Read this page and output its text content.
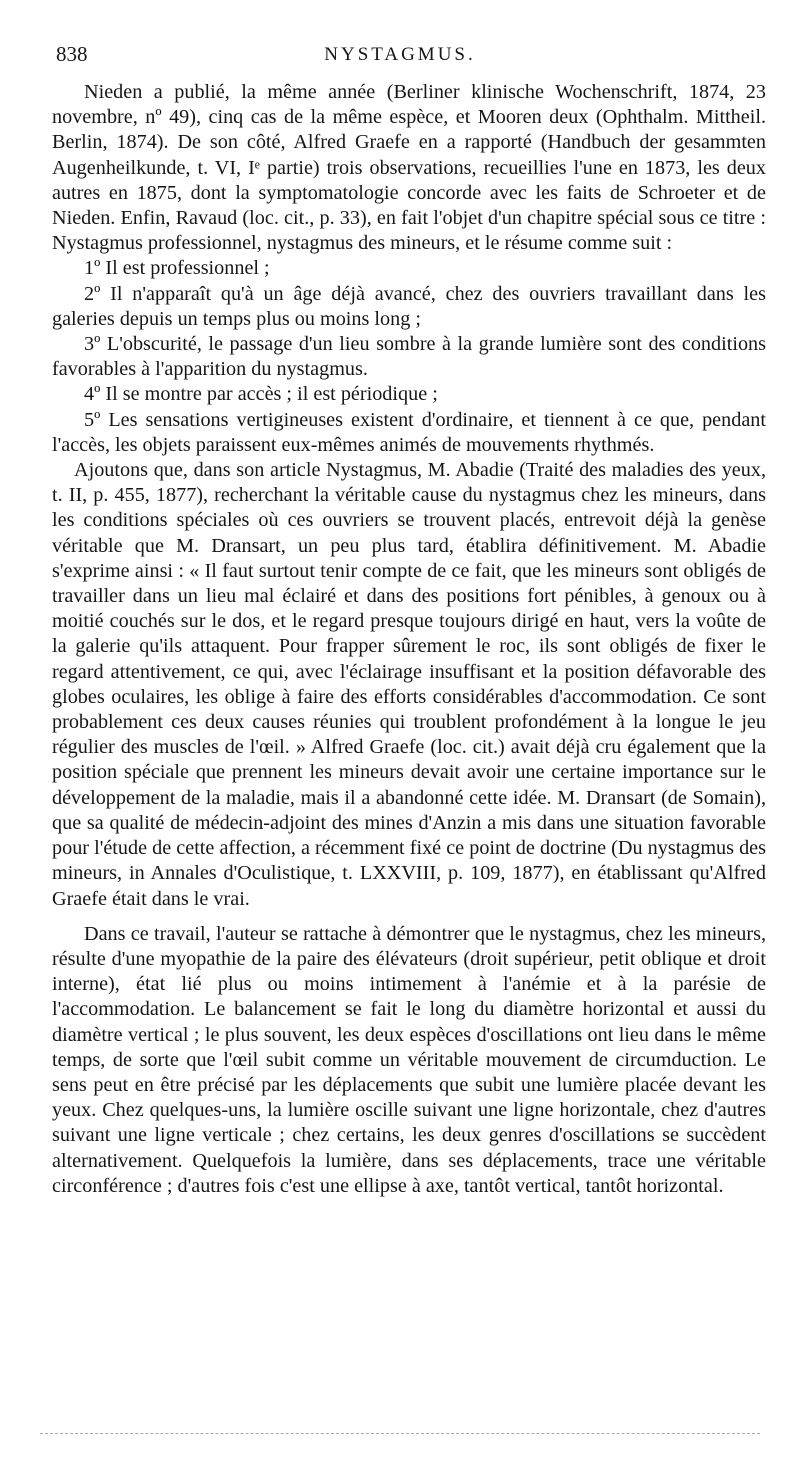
838	NYSTAGMUS.

Nieden a publié, la même année (Berliner klinische Wochenschrift, 1874, 23 novembre, nº 49), cinq cas de la même espèce, et Mooren deux (Ophthalm. Mittheil. Berlin, 1874). De son côté, Alfred Graefe en a rapporté (Handbuch der gesammten Augenheilkunde, t. VI, Iᵉ partie) trois observations, recueillies l'une en 1873, les deux autres en 1875, dont la symptomatologie concorde avec les faits de Schroeter et de Nieden. Enfin, Ravaud (loc. cit., p. 33), en fait l'objet d'un chapitre spécial sous ce titre : Nystagmus professionnel, nystagmus des mineurs, et le résume comme suit :

1º Il est professionnel ;

2º Il n'apparaît qu'à un âge déjà avancé, chez des ouvriers travaillant dans les galeries depuis un temps plus ou moins long ;

3º L'obscurité, le passage d'un lieu sombre à la grande lumière sont des conditions favorables à l'apparition du nystagmus.

4º Il se montre par accès ; il est périodique ;

5º Les sensations vertigineuses existent d'ordinaire, et tiennent à ce que, pendant l'accès, les objets paraissent eux-mêmes animés de mouvements rhythmés.

Ajoutons que, dans son article Nystagmus, M. Abadie (Traité des maladies des yeux, t. II, p. 455, 1877), recherchant la véritable cause du nystagmus chez les mineurs, dans les conditions spéciales où ces ouvriers se trouvent placés, entrevoit déjà la genèse véritable que M. Dransart, un peu plus tard, établira définitivement. M. Abadie s'exprime ainsi : « Il faut surtout tenir compte de ce fait, que les mineurs sont obligés de travailler dans un lieu mal éclairé et dans des positions fort pénibles, à genoux ou à moitié couchés sur le dos, et le regard presque toujours dirigé en haut, vers la voûte de la galerie qu'ils attaquent. Pour frapper sûrement le roc, ils sont obligés de fixer le regard attentivement, ce qui, avec l'éclairage insuffisant et la position défavorable des globes oculaires, les oblige à faire des efforts considérables d'accommodation. Ce sont probablement ces deux causes réunies qui troublent profondément à la longue le jeu régulier des muscles de l'œil. » Alfred Graefe (loc. cit.) avait déjà cru également que la position spéciale que prennent les mineurs devait avoir une certaine importance sur le développement de la maladie, mais il a abandonné cette idée. M. Dransart (de Somain), que sa qualité de médecin-adjoint des mines d'Anzin a mis dans une situation favorable pour l'étude de cette affection, a récemment fixé ce point de doctrine (Du nystagmus des mineurs, in Annales d'Oculistique, t. LXXVIII, p. 109, 1877), en établissant qu'Alfred Graefe était dans le vrai.

Dans ce travail, l'auteur se rattache à démontrer que le nystagmus, chez les mineurs, résulte d'une myopathie de la paire des élévateurs (droit supérieur, petit oblique et droit interne), état lié plus ou moins intimement à l'anémie et à la parésie de l'accommodation. Le balancement se fait le long du diamètre horizontal et aussi du diamètre vertical ; le plus souvent, les deux espèces d'oscillations ont lieu dans le même temps, de sorte que l'œil subit comme un véritable mouvement de circumduction. Le sens peut en être précisé par les déplacements que subit une lumière placée devant les yeux. Chez quelques-uns, la lumière oscille suivant une ligne horizontale, chez d'autres suivant une ligne verticale ; chez certains, les deux genres d'oscillations se succèdent alternativement. Quelquefois la lumière, dans ses déplacements, trace une véritable circonférence ; d'autres fois c'est une ellipse à axe, tantôt vertical, tantôt horizontal.
